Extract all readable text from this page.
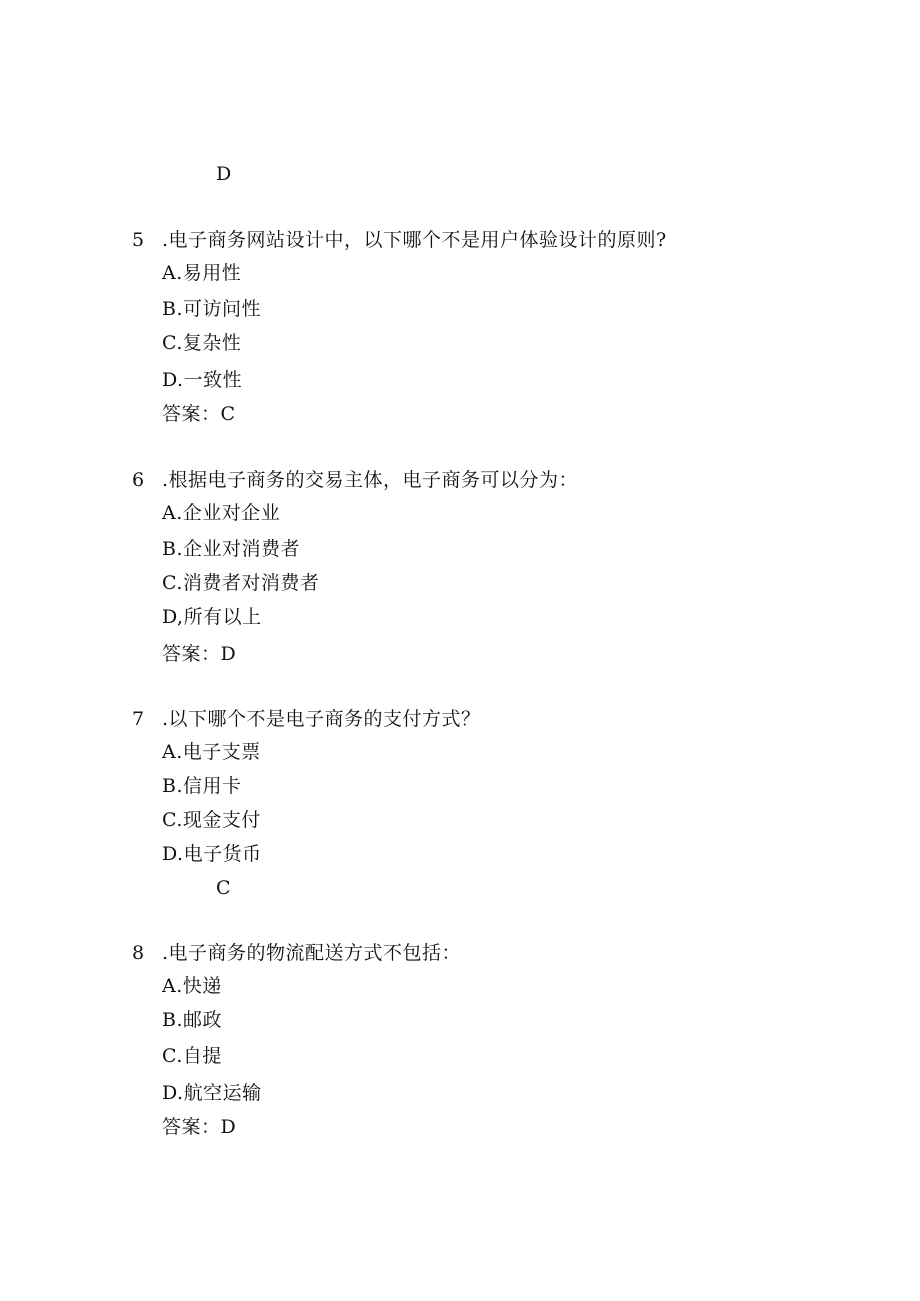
D
5 .电子商务网站设计中，以下哪个不是用户体验设计的原则?
A.易用性
B.可访问性
C.复杂性
D.一致性
答案：C
6 .根据电子商务的交易主体，电子商务可以分为：
A.企业对企业
B.企业对消费者
C.消费者对消费者
D,所有以上
答案：D
7 .以下哪个不是电子商务的支付方式？
A.电子支票
B.信用卡
C.现金支付
D.电子货币
C
8 .电子商务的物流配送方式不包括：
A.快递
B.邮政
C.自提
D.航空运输
答案：D
